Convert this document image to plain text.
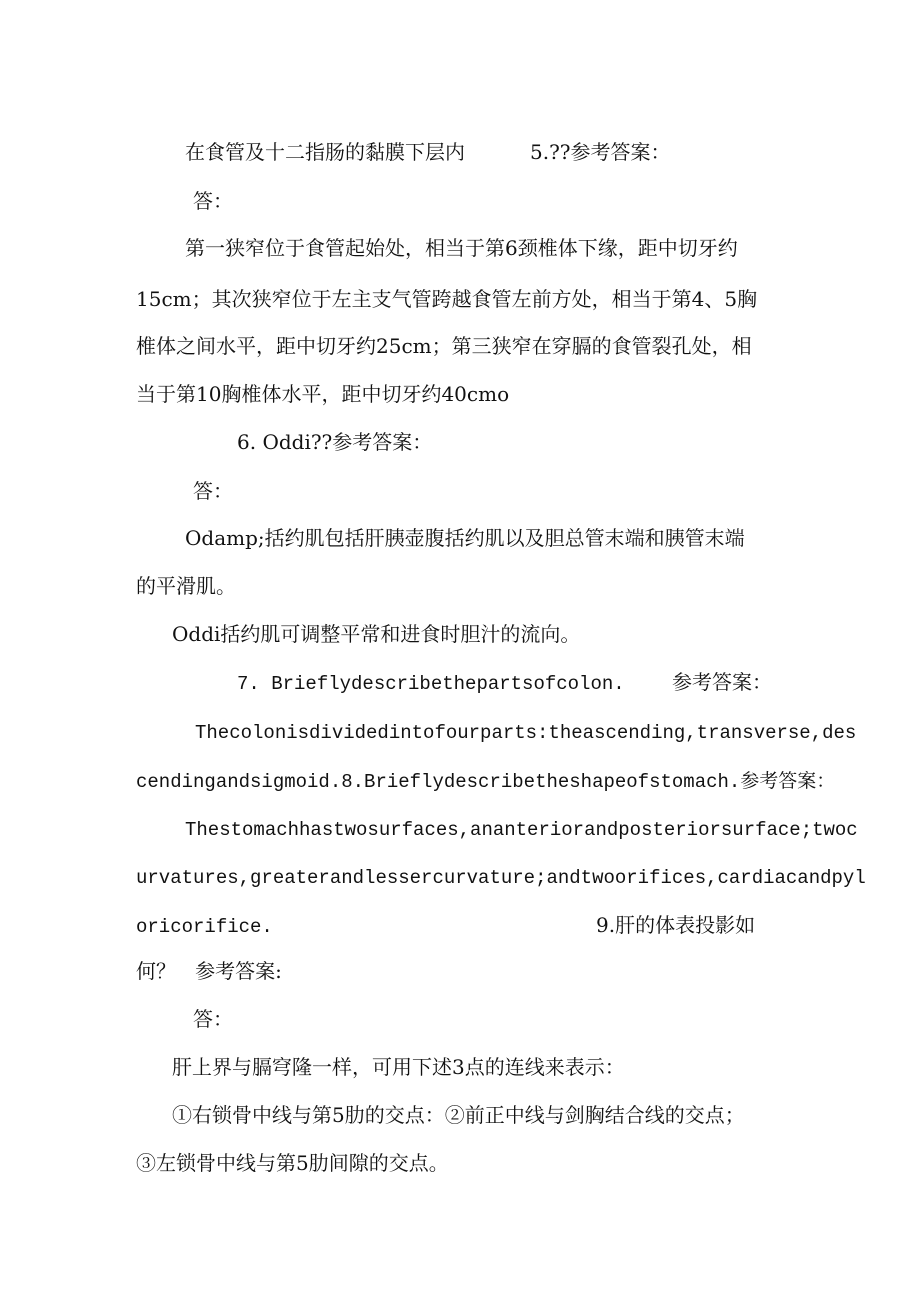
在食管及十二指肠的黏膜下层内	5.??参考答案：
答：
第一狭窄位于食管起始处，相当于第6颈椎体下缘，距中切牙约
15cm；其次狭窄位于左主支气管跨越食管左前方处，相当于第4、5胸
椎体之间水平，距中切牙约25cm；第三狭窄在穿膈的食管裂孔处，相
当于第10胸椎体水平，距中切牙约40cmo
6. Oddi??参考答案：
答：
Odamp;括约肌包括肝胰壶腹括约肌以及胆总管末端和胰管末端
的平滑肌。
Oddi括约肌可调整平常和进食时胆汁的流向。
7. Brieflydescribethepartsofcolon. 参考答案：
Thecolonisdividedintofourparts:theascending,transverse,des
cendingandsigmoid.8.Brieflydescribetheshapeofstomach.参考答案：
Thestomachhastwosurfaces,ananteriorandposteriorsurface;twoc
urvatures,greaterandlessercurvature;andtwoorifices,cardiacandpyl
oricorifice.	9.肝的体表投影如
何？   参考答案:
答：
肝上界与膈穹隆一样，可用下述3点的连线来表示：
①右锁骨中线与第5肋的交点：②前正中线与剑胸结合线的交点；
③左锁骨中线与第5肋间隙的交点。
